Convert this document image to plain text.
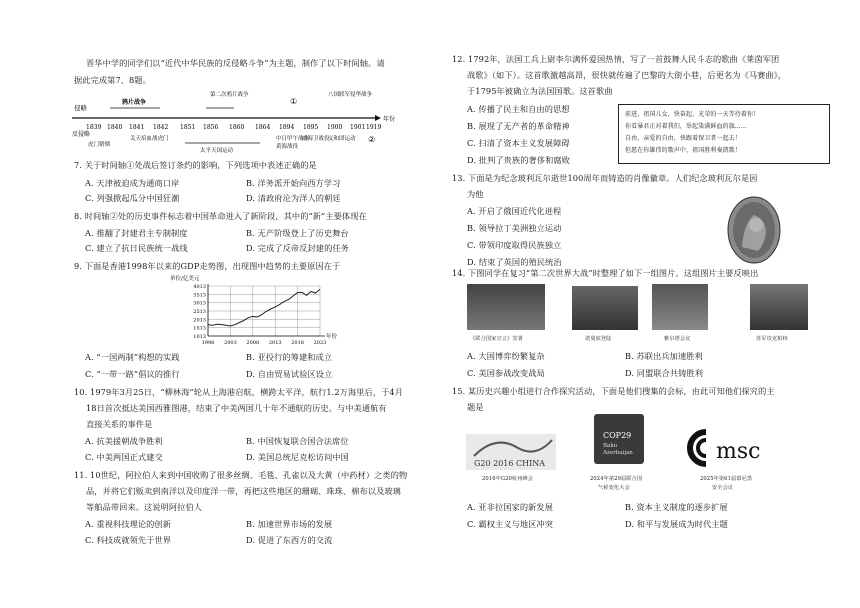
晋华中学的同学们以“近代中华民族的反侵略斗争”为主题，制作了以下时间轴。请
据此完成第7、8题。
侵略
反侵略
年份
1839 1840 1841 1842 1851 1856 1860 1864 1894 1895 1900 1901 1919
鸦片战争
第二次鸦片战争
①
八国联军侵华战争
虎门销烟
关天培血战虎门
太平天国运动
中日甲午战争
黄海战役
威海卫战役
义和团运动 ②
7. 关于时间轴①处战后签订条约的影响，下列选项中表述正确的是
A. 天津被迫成为通商口岸	B. 洋务派开始向西方学习
C. 列强掀起瓜分中国狂潮	D. 清政府沦为洋人的朝廷
8. 时间轴②处的历史事件标志着中国革命进入了新阶段，其中的“新”主要体现在
A. 推翻了封建君主专制制度	B. 无产阶级登上了历史舞台
C. 建立了抗日民族统一战线	D. 完成了反帝反封建的任务
9. 下面是香港1998年以来的GDP走势图，出现图中趋势的主要原因在于
单位/亿美元
1013
1513
2013
2513
3013
3513
4013
1998 2003 2008 2013 2018 2023
年份
A. “一国两制”构想的实践	B. 亚投行的筹建和成立
C. “一带一路”倡议的推行	D. 自由贸易试验区设立
10. 1979年3月25日，“柳林海”轮从上海港启航，横跨太平洋，航行1.2万海里后，于4月
18日首次抵达美国西雅图港，结束了中美两国几十年不通航的历史。与中美通航有
直接关系的事件是
A. 抗美援朝战争胜利	B. 中国恢复联合国合法席位
C. 中美两国正式建交	D. 美国总统尼克松访问中国
11. 10世纪，阿拉伯人来到中国收购了很多丝绸、毛毯、孔雀以及大黄（中药材）之类的物
品，并将它们贩卖到南洋以及印度洋一带，再把这些地区的珊瑚、珠珠、棉布以及玻璃
等舶品带回来。这说明阿拉伯人
A. 重视科技理论的创新	B. 加速世界市场的发展
C. 科技成就领先于世界	D. 促进了东西方的交流
12. 1792年，法国工兵上尉李尔满怀爱国热情，写了一首鼓舞人民斗志的歌曲《莱茵军团
战歌》（如下）。这首歌激越高昂，很快就传遍了巴黎的大街小巷，后更名为《马赛曲》，
于1795年被确立为法国国歌。这首歌曲
A. 传播了民主和自由的思想
B. 展现了无产者的革命精神
C. 扫清了资本主义发展障碍
D. 批判了贵族的奢侈和腐败
前进，祖国儿女，快奋起，光荣的一天等待着你！
你看暴君正对着我们，举起染满鲜血的旗……
自由，亲爱的自由，快跟着保卫者一起去！
但愿在你雄伟的歌声中，祖国胜利奏凯歌！
13. 下面是为纪念玻利瓦尔逝世100周年而铸造的肖像徽章。人们纪念玻利瓦尔是因
为他
A. 开启了俄国近代化进程
B. 领导拉丁美洲独立运动
C. 带领印度取得民族独立
D. 结束了英国的殖民统治
14. 下图同学在复习“第二次世界大战”时整理了如下一组图片。这组图片主要反映出
《联合国家宣言》签署	诺曼底登陆	雅尔塔会议	苏军攻克柏林
A. 大国博弈纷繁复杂	B. 苏联出兵加速胜利
C. 美国参战改变战局	D. 同盟联合共铸胜利
15. 某历史兴趣小组进行合作探究活动，下面是他们搜集的会标，由此可知他们探究的主
题是
G20 2016 CHINA
COP29
Baku
Azerbaijan	msc
2016年G20杭州峰会	2024年第29届联合国
气候变化大会
2025年第61届慕尼黑
安全会议
A. 亚非拉国家的新发展	B. 资本主义制度的逐步扩展
C. 霸权主义与地区冲突	D. 和平与发展成为时代主题
